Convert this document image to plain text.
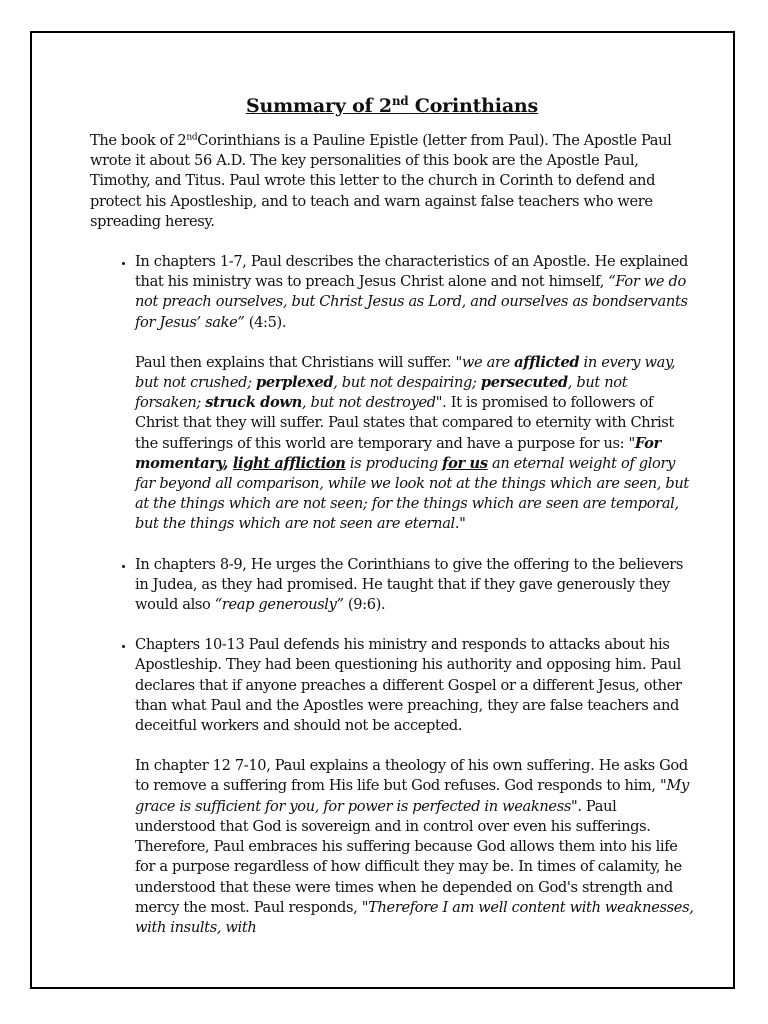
Summary of 2nd Corinthians

The book of 2ndCorinthians is a Pauline Epistle (letter from Paul). The Apostle Paul wrote it about 56 A.D. The key personalities of this book are the Apostle Paul, Timothy, and Titus. Paul wrote this letter to the church in Corinth to defend and protect his Apostleship, and to teach and warn against false teachers who were spreading heresy.

• In chapters 1-7, Paul describes the characteristics of an Apostle. He explained that his ministry was to preach Jesus Christ alone and not himself, “For we do not preach ourselves, but Christ Jesus as Lord, and ourselves as bondservants for Jesus’ sake” (4:5).

Paul then explains that Christians will suffer. "we are afflicted in every way, but not crushed; perplexed, but not despairing; persecuted, but not forsaken; struck down, but not destroyed". It is promised to followers of Christ that they will suffer. Paul states that compared to eternity with Christ the sufferings of this world are temporary and have a purpose for us: "For momentary, light affliction is producing for us an eternal weight of glory far beyond all comparison, while we look not at the things which are seen, but at the things which are not seen; for the things which are seen are temporal, but the things which are not seen are eternal."

• In chapters 8-9, He urges the Corinthians to give the offering to the believers in Judea, as they had promised. He taught that if they gave generously they would also “reap generously” (9:6).

• Chapters 10-13 Paul defends his ministry and responds to attacks about his Apostleship. They had been questioning his authority and opposing him. Paul declares that if anyone preaches a different Gospel or a different Jesus, other than what Paul and the Apostles were preaching, they are false teachers and deceitful workers and should not be accepted.

In chapter 12 7-10, Paul explains a theology of his own suffering. He asks God to remove a suffering from His life but God refuses. God responds to him, "My grace is sufficient for you, for power is perfected in weakness". Paul understood that God is sovereign and in control over even his sufferings. Therefore, Paul embraces his suffering because God allows them into his life for a purpose regardless of how difficult they may be. In times of calamity, he understood that these were times when he depended on God's strength and mercy the most. Paul responds, "Therefore I am well content with weaknesses, with insults, with
